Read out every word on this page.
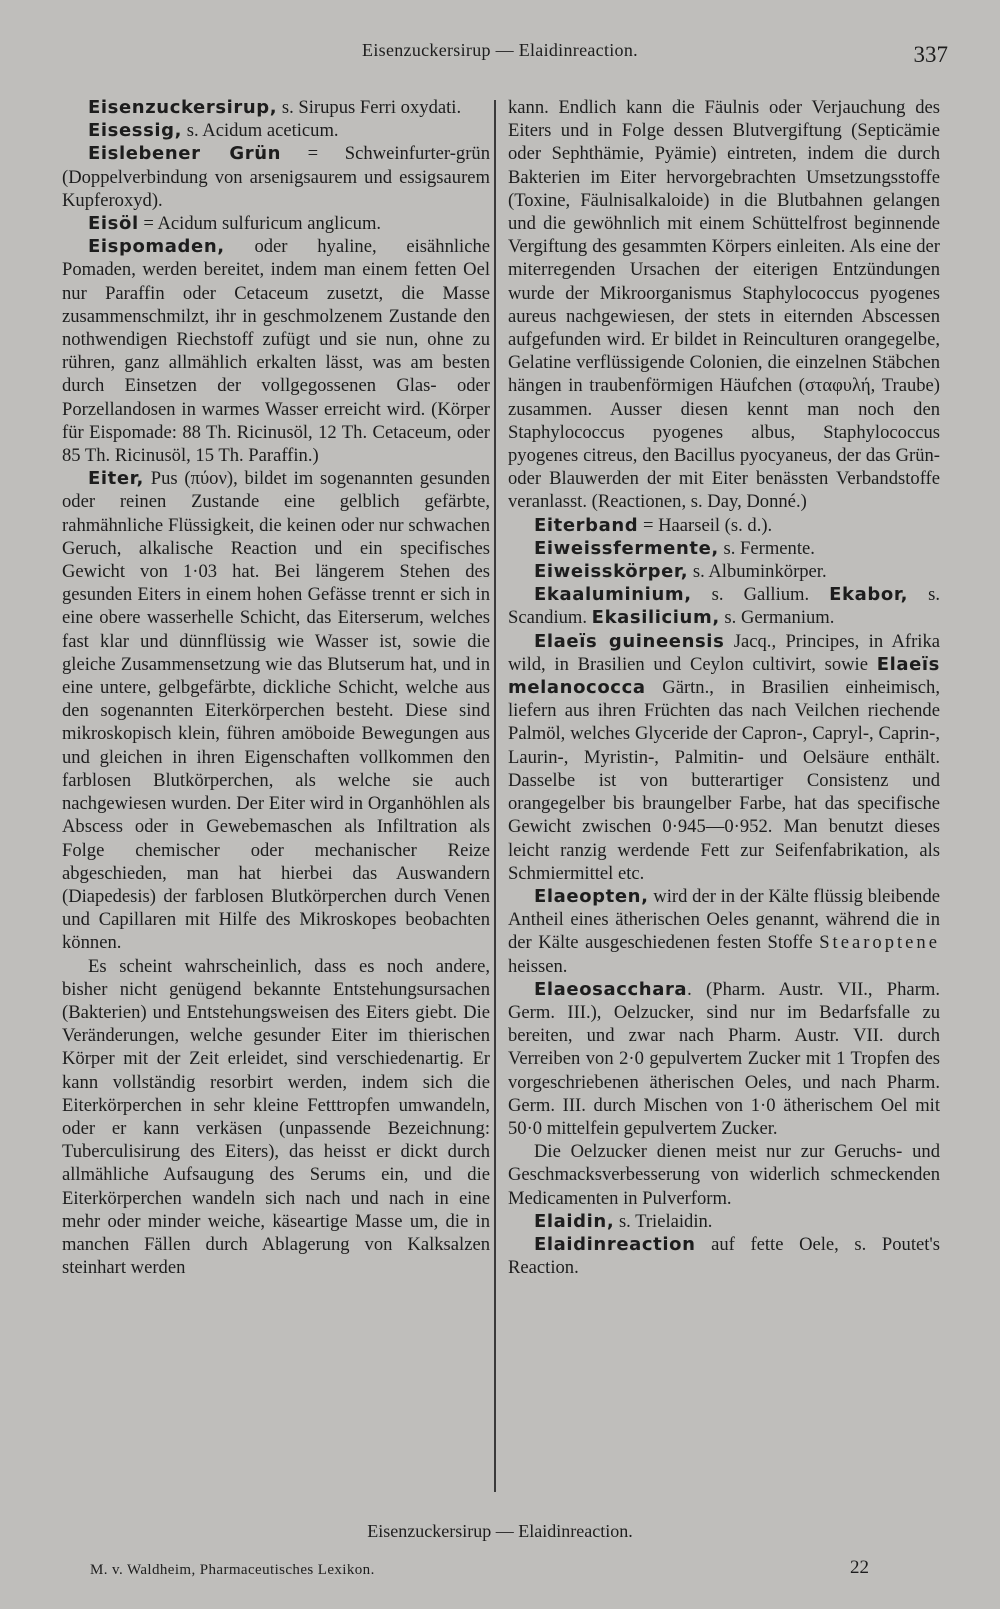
Eisenzuckersirup — Elaidinreaction.	337

Eisenzuckersirup, s. Sirupus Ferri oxydati.

Eisessig, s. Acidum aceticum.

Eislebener Grün = Schweinfurter-grün (Doppelverbindung von arsenigsaurem und essigsaurem Kupferoxyd).

Eisöl = Acidum sulfuricum anglicum.

Eispomaden, oder hyaline, eisähnliche Pomaden, werden bereitet, indem man einem fetten Oel nur Paraffin oder Cetaceum zusetzt, die Masse zusammenschmilzt, ihr in geschmolzenem Zustande den nothwendigen Riechstoff zufügt und sie nun, ohne zu rühren, ganz allmählich erkalten lässt, was am besten durch Einsetzen der vollgegossenen Glas- oder Porzellandosen in warmes Wasser erreicht wird. (Körper für Eispomade: 88 Th. Ricinusöl, 12 Th. Cetaceum, oder 85 Th. Ricinusöl, 15 Th. Paraffin.)

Eiter, Pus (πύον), bildet im sogenannten gesunden oder reinen Zustande eine gelblich gefärbte, rahmähnliche Flüssigkeit, die keinen oder nur schwachen Geruch, alkalische Reaction und ein specifisches Gewicht von 1·03 hat. Bei längerem Stehen des gesunden Eiters in einem hohen Gefässe trennt er sich in eine obere wasserhelle Schicht, das Eiterserum, welches fast klar und dünnflüssig wie Wasser ist, sowie die gleiche Zusammensetzung wie das Blutserum hat, und in eine untere, gelbgefärbte, dickliche Schicht, welche aus den sogenannten Eiterkörperchen besteht. Diese sind mikroskopisch klein, führen amöboide Bewegungen aus und gleichen in ihren Eigenschaften vollkommen den farblosen Blutkörperchen, als welche sie auch nachgewiesen wurden. Der Eiter wird in Organhöhlen als Abscess oder in Gewebemaschen als Infiltration als Folge chemischer oder mechanischer Reize abgeschieden, man hat hierbei das Auswandern (Diapedesis) der farblosen Blutkörperchen durch Venen und Capillaren mit Hilfe des Mikroskopes beobachten können.

Es scheint wahrscheinlich, dass es noch andere, bisher nicht genügend bekannte Entstehungsursachen (Bakterien) und Entstehungsweisen des Eiters giebt. Die Veränderungen, welche gesunder Eiter im thierischen Körper mit der Zeit erleidet, sind verschiedenartig. Er kann vollständig resorbirt werden, indem sich die Eiterkörperchen in sehr kleine Fetttropfen umwandeln, oder er kann verkäsen (unpassende Bezeichnung: Tuberculisirung des Eiters), das heisst er dickt durch allmähliche Aufsaugung des Serums ein, und die Eiterkörperchen wandeln sich nach und nach in eine mehr oder minder weiche, käseartige Masse um, die in manchen Fällen durch Ablagerung von Kalksalzen steinhart werden

kann. Endlich kann die Fäulnis oder Verjauchung des Eiters und in Folge dessen Blutvergiftung (Septicämie oder Sephthämie, Pyämie) eintreten, indem die durch Bakterien im Eiter hervorgebrachten Umsetzungsstoffe (Toxine, Fäulnisalkaloide) in die Blutbahnen gelangen und die gewöhnlich mit einem Schüttelfrost beginnende Vergiftung des gesammten Körpers einleiten. Als eine der miterregenden Ursachen der eiterigen Entzündungen wurde der Mikroorganismus Staphylococcus pyogenes aureus nachgewiesen, der stets in eiternden Abscessen aufgefunden wird. Er bildet in Reinculturen orangegelbe, Gelatine verflüssigende Colonien, die einzelnen Stäbchen hängen in traubenförmigen Häufchen (σταφυλή, Traube) zusammen. Ausser diesen kennt man noch den Staphylococcus pyogenes albus, Staphylococcus pyogenes citreus, den Bacillus pyocyaneus, der das Grün- oder Blauwerden der mit Eiter benässten Verbandstoffe veranlasst. (Reactionen, s. Day, Donné.)

Eiterband = Haarseil (s. d.).

Eiweissfermente, s. Fermente.

Eiweisskörper, s. Albuminkörper.

Ekaaluminium, s. Gallium. Ekabor, s. Scandium. Ekasilicium, s. Germanium.

Elaeïs guineensis Jacq., Principes, in Afrika wild, in Brasilien und Ceylon cultivirt, sowie Elaeïs melanococca Gärtn., in Brasilien einheimisch, liefern aus ihren Früchten das nach Veilchen riechende Palmöl, welches Glyceride der Capron-, Capryl-, Caprin-, Laurin-, Myristin-, Palmitin- und Oelsäure enthält. Dasselbe ist von butterartiger Consistenz und orangegelber bis braungelber Farbe, hat das specifische Gewicht zwischen 0·945—0·952. Man benutzt dieses leicht ranzig werdende Fett zur Seifenfabrikation, als Schmiermittel etc.

Elaeopten, wird der in der Kälte flüssig bleibende Antheil eines ätherischen Oeles genannt, während die in der Kälte ausgeschiedenen festen Stoffe Stearoptene heissen.

Elaeosacchara. (Pharm. Austr. VII., Pharm. Germ. III.), Oelzucker, sind nur im Bedarfsfalle zu bereiten, und zwar nach Pharm. Austr. VII. durch Verreiben von 2·0 gepulvertem Zucker mit 1 Tropfen des vorgeschriebenen ätherischen Oeles, und nach Pharm. Germ. III. durch Mischen von 1·0 ätherischem Oel mit 50·0 mittelfein gepulvertem Zucker.

Die Oelzucker dienen meist nur zur Geruchs- und Geschmacksverbesserung von widerlich schmeckenden Medicamenten in Pulverform.

Elaidin, s. Trielaidin.

Elaidinreaction auf fette Oele, s. Poutet's Reaction.

Eisenzuckersirup — Elaidinreaction.
M. v. Waldheim, Pharmaceutisches Lexikon.	22
